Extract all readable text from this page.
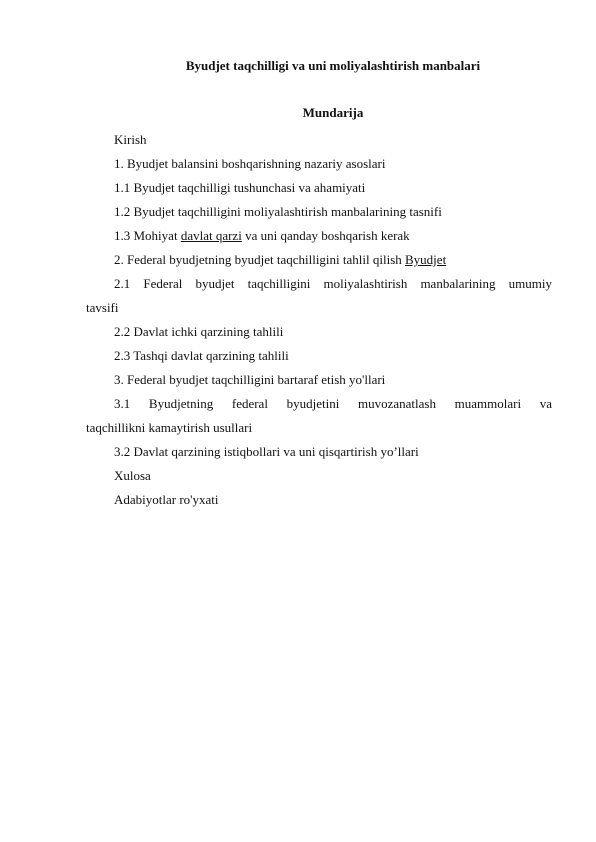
Byudjet taqchilligi va uni moliyalashtirish manbalari
Mundarija

Kirish

1. Byudjet balansini boshqarishning nazariy asoslari

1.1 Byudjet taqchilligi tushunchasi va ahamiyati

1.2 Byudjet taqchilligini moliyalashtirish manbalarining tasnifi

1.3 Mohiyat davlat qarzi va uni qanday boshqarish kerak

2. Federal byudjetning byudjet taqchilligini tahlil qilish Byudjet

2.1 Federal byudjet taqchilligini moliyalashtirish manbalarining umumiy
tavsifi

2.2 Davlat ichki qarzining tahlili

2.3 Tashqi davlat qarzining tahlili

3. Federal byudjet taqchilligini bartaraf etish yo'llari

3.1 Byudjetning federal byudjetini muvozanatlash muammolari va
taqchillikni kamaytirish usullari

3.2 Davlat qarzining istiqbollari va uni qisqartirish yo’llari

Xulosa

Adabiyotlar ro'yxati
